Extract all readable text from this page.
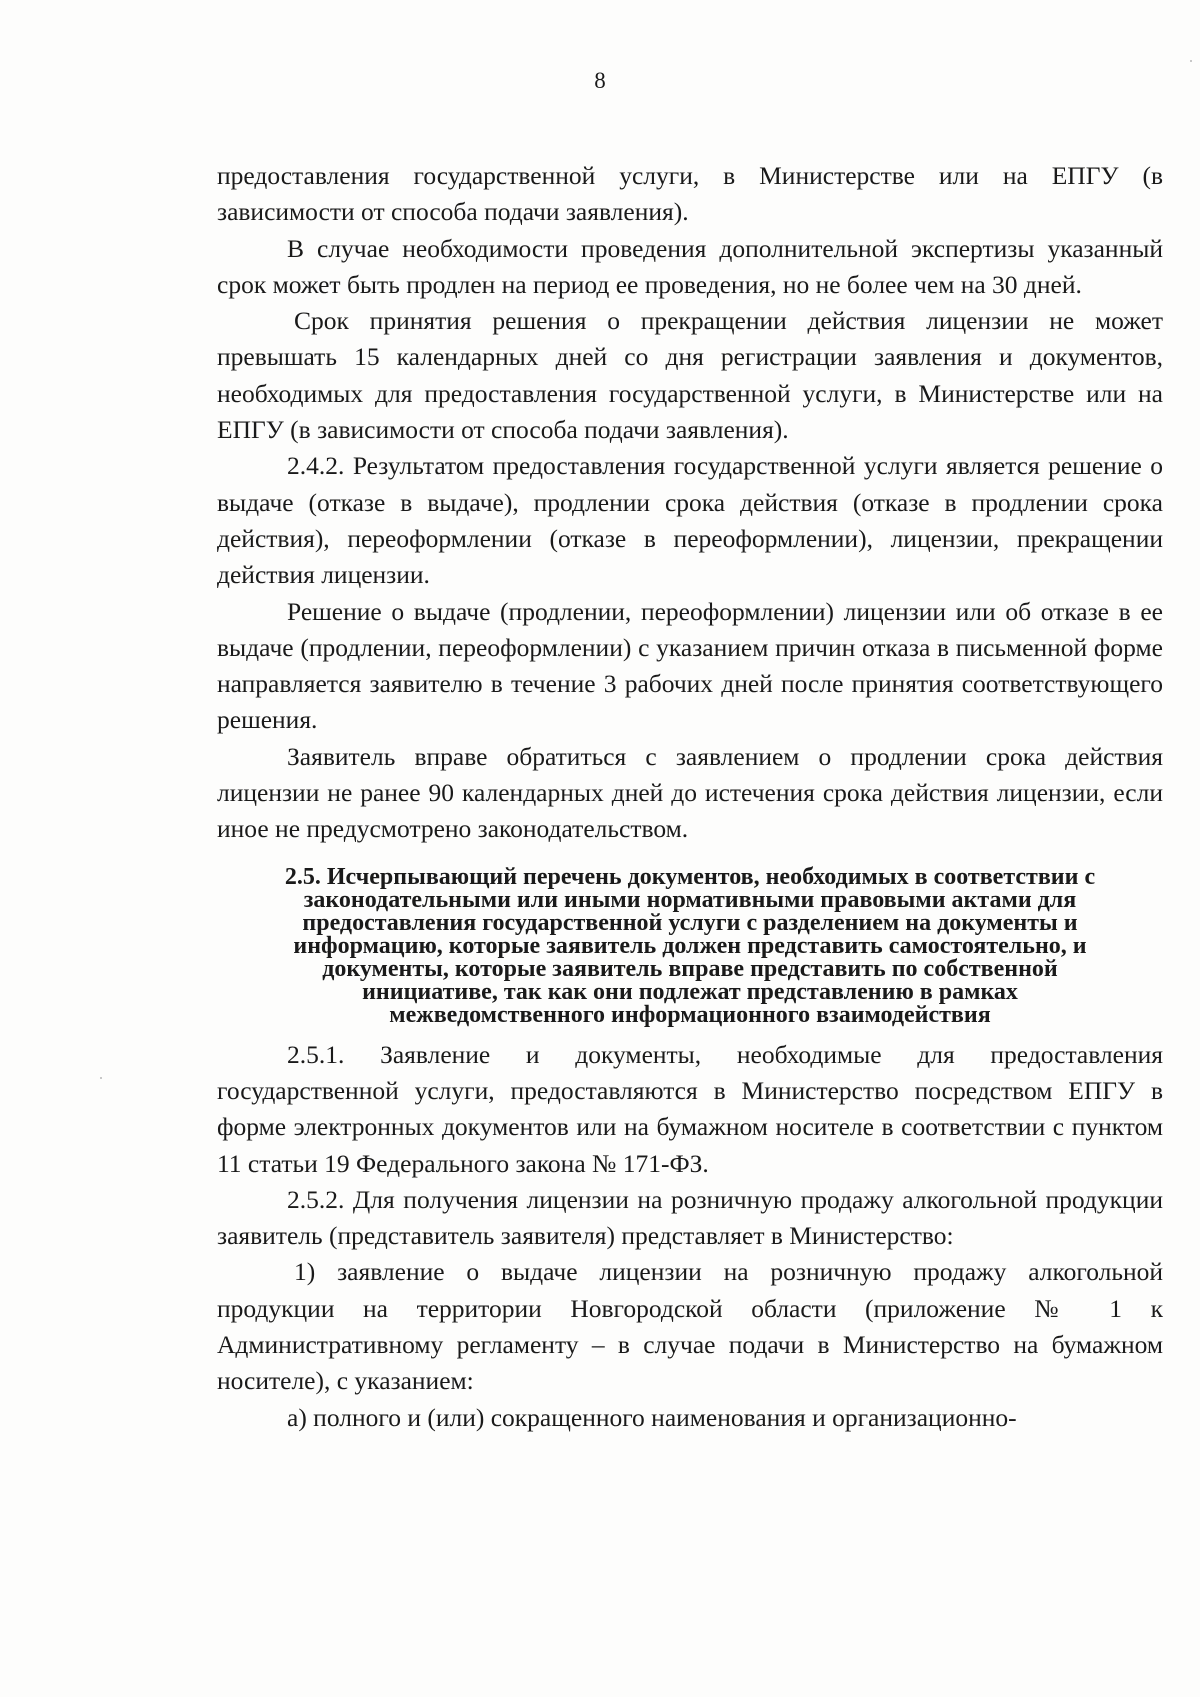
8

предоставления государственной услуги, в Министерстве или на ЕПГУ (в зависимости от способа подачи заявления).

В случае необходимости проведения дополнительной экспертизы указанный срок может быть продлен на период ее проведения, но не более чем на 30 дней.

Срок принятия решения о прекращении действия лицензии не может превышать 15 календарных дней со дня регистрации заявления и документов, необходимых для предоставления государственной услуги, в Министерстве или на ЕПГУ (в зависимости от способа подачи заявления).

2.4.2. Результатом предоставления государственной услуги является решение о выдаче (отказе в выдаче), продлении срока действия (отказе в продлении срока действия), переоформлении (отказе в переоформлении), лицензии, прекращении действия лицензии.

Решение о выдаче (продлении, переоформлении) лицензии или об отказе в ее выдаче (продлении, переоформлении) с указанием причин отказа в письменной форме направляется заявителю в течение 3 рабочих дней после принятия соответствующего решения.

Заявитель вправе обратиться с заявлением о продлении срока действия лицензии не ранее 90 календарных дней до истечения срока действия лицензии, если иное не предусмотрено законодательством.

2.5. Исчерпывающий перечень документов, необходимых в соответствии с законодательными или иными нормативными правовыми актами для предоставления государственной услуги с разделением на документы и информацию, которые заявитель должен представить самостоятельно, и документы, которые заявитель вправе представить по собственной инициативе, так как они подлежат представлению в рамках межведомственного информационного взаимодействия

2.5.1. Заявление и документы, необходимые для предоставления государственной услуги, предоставляются в Министерство посредством ЕПГУ в форме электронных документов или на бумажном носителе в соответствии с пунктом 11 статьи 19 Федерального закона № 171-ФЗ.

2.5.2. Для получения лицензии на розничную продажу алкогольной продукции заявитель (представитель заявителя) представляет в Министерство:

1) заявление о выдаче лицензии на розничную продажу алкогольной продукции на территории Новгородской области (приложение № 1 к Административному регламенту – в случае подачи в Министерство на бумажном носителе), с указанием:

а) полного и (или) сокращенного наименования и организационно-
